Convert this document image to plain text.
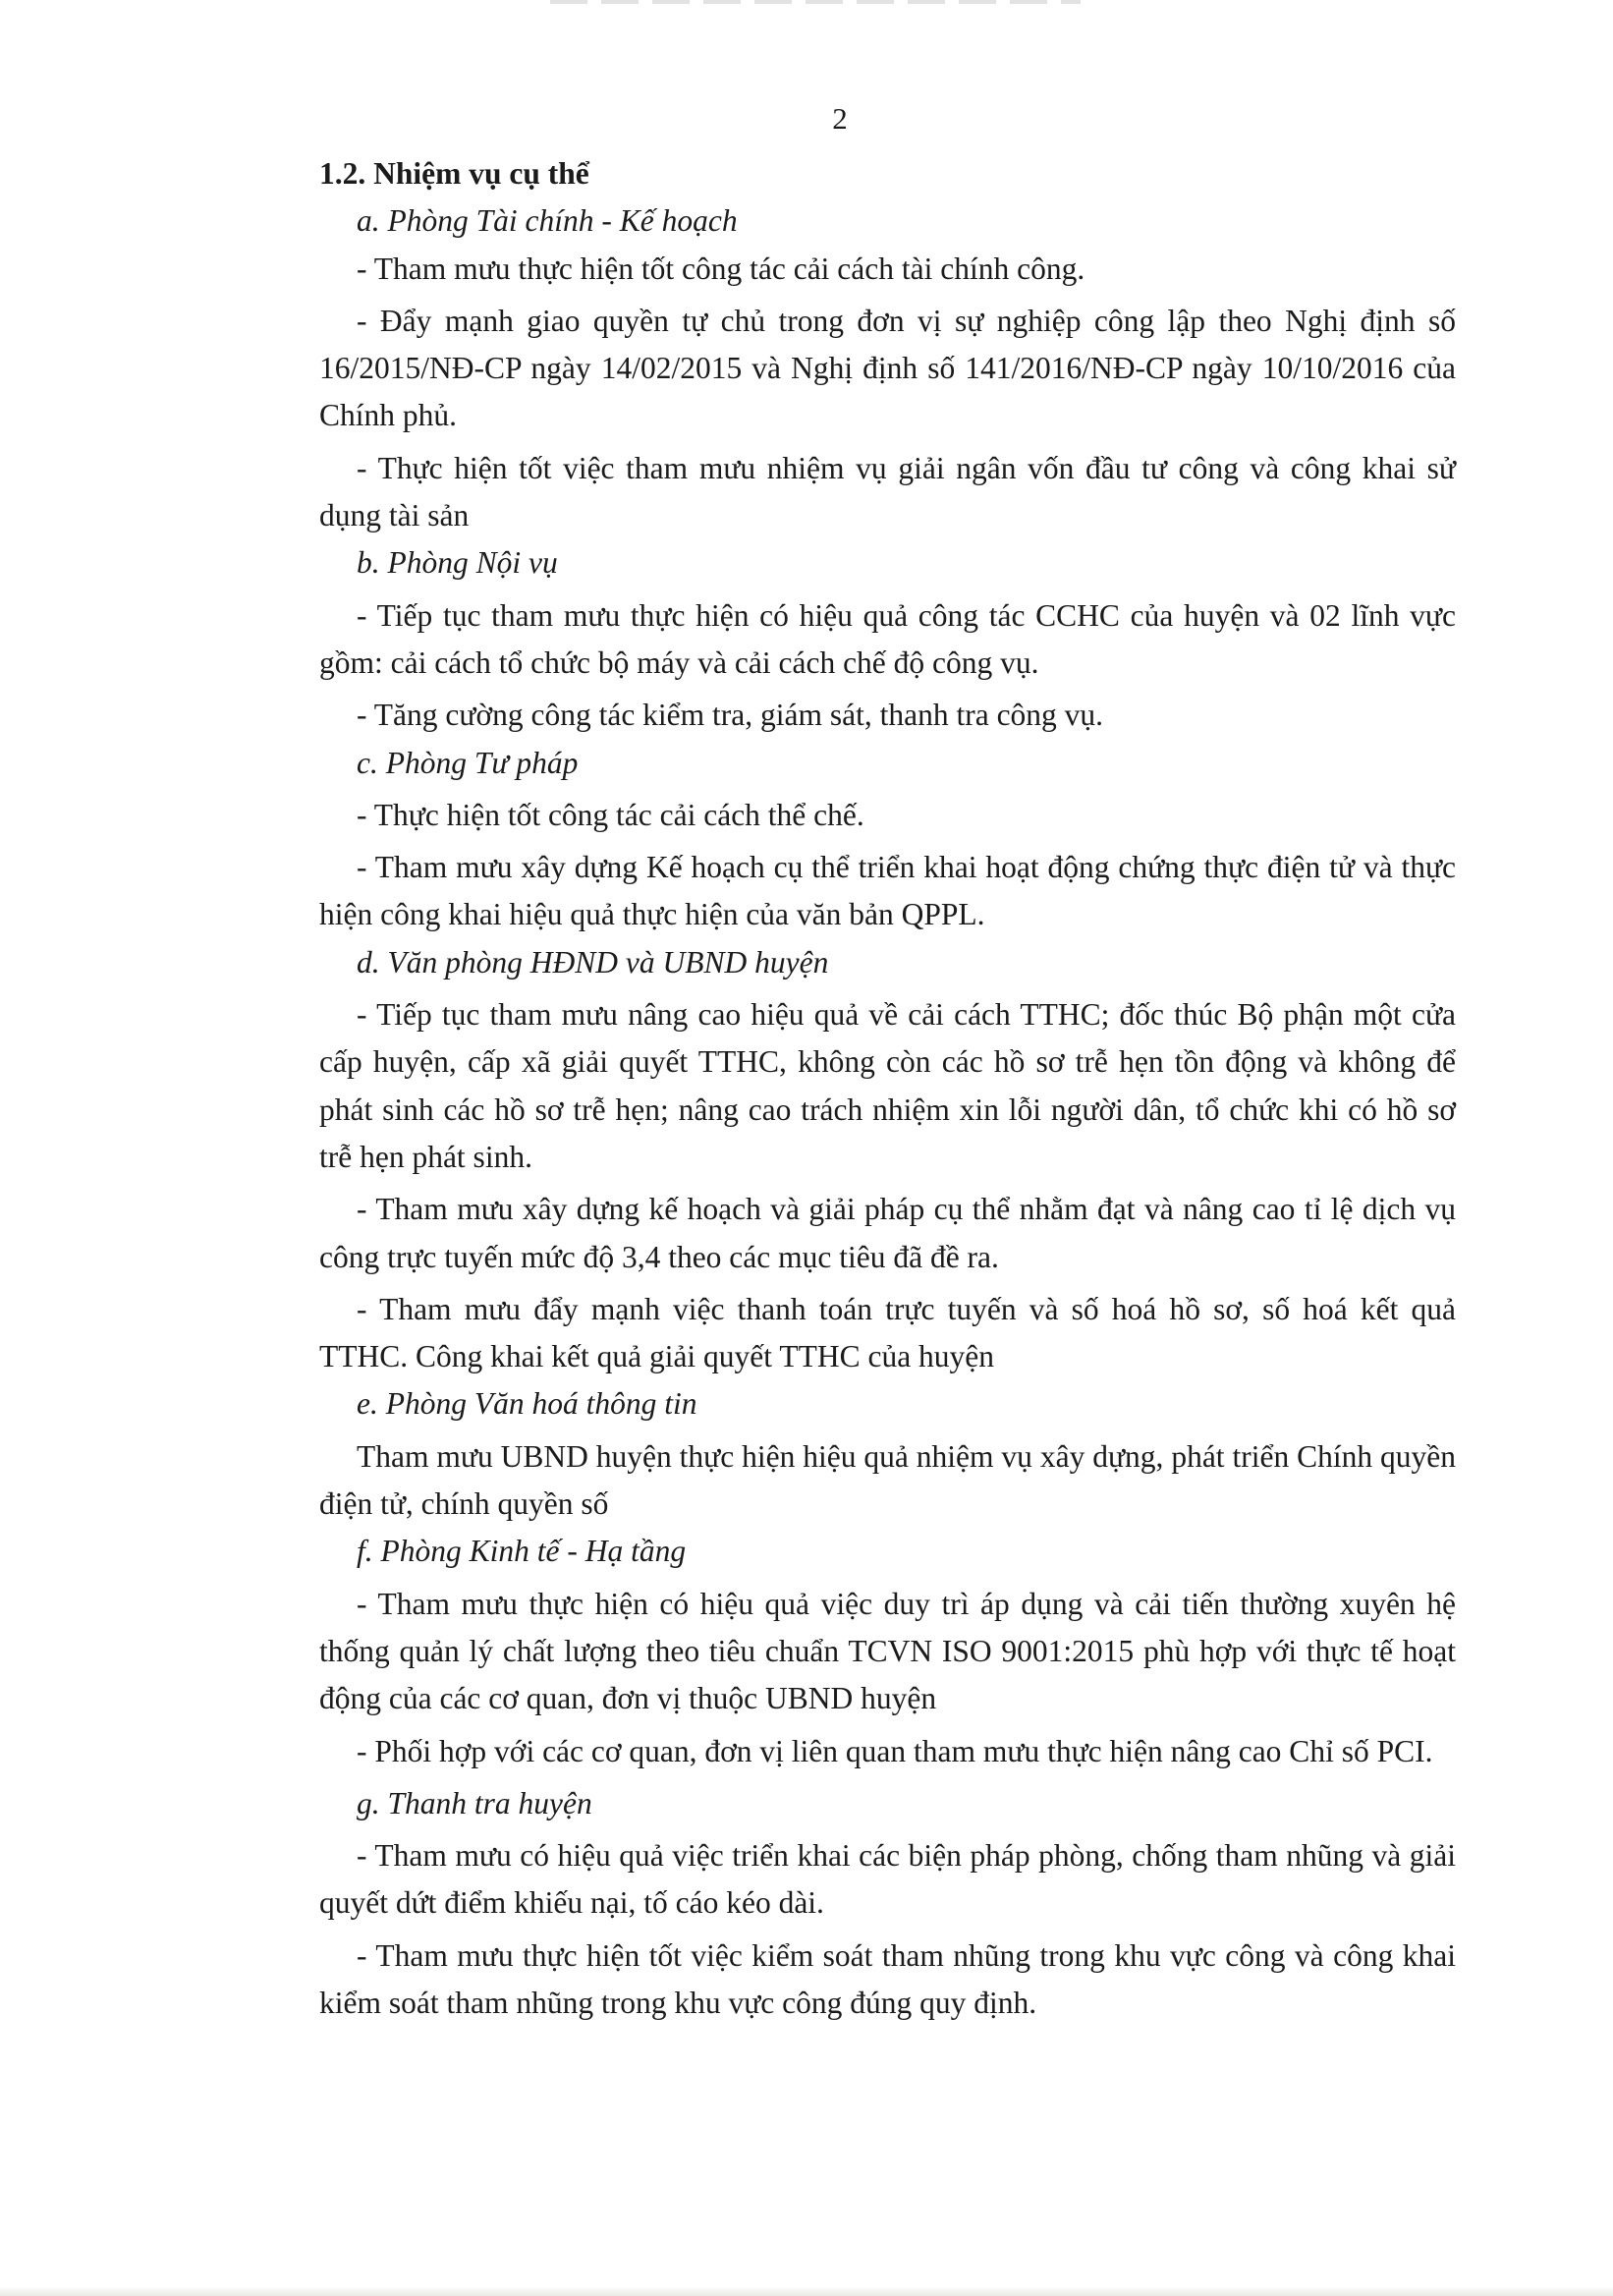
2

1.2. Nhiệm vụ cụ thể

a. Phòng Tài chính - Kế hoạch

- Tham mưu thực hiện tốt công tác cải cách tài chính công.

- Đẩy mạnh giao quyền tự chủ trong đơn vị sự nghiệp công lập theo Nghị định số 16/2015/NĐ-CP ngày 14/02/2015 và Nghị định số 141/2016/NĐ-CP ngày 10/10/2016 của Chính phủ.

- Thực hiện tốt việc tham mưu nhiệm vụ giải ngân vốn đầu tư công và công khai sử dụng tài sản

b. Phòng Nội vụ

- Tiếp tục tham mưu thực hiện có hiệu quả công tác CCHC của huyện và 02 lĩnh vực gồm: cải cách tổ chức bộ máy và cải cách chế độ công vụ.

- Tăng cường công tác kiểm tra, giám sát, thanh tra công vụ.

c. Phòng Tư pháp

- Thực hiện tốt công tác cải cách thể chế.

- Tham mưu xây dựng Kế hoạch cụ thể triển khai hoạt động chứng thực điện tử và thực hiện công khai hiệu quả thực hiện của văn bản QPPL.

d. Văn phòng HĐND và UBND huyện

- Tiếp tục tham mưu nâng cao hiệu quả về cải cách TTHC; đốc thúc Bộ phận một cửa cấp huyện, cấp xã giải quyết TTHC, không còn các hồ sơ trễ hẹn tồn động và không để phát sinh các hồ sơ trễ hẹn; nâng cao trách nhiệm xin lỗi người dân, tổ chức khi có hồ sơ trễ hẹn phát sinh.

- Tham mưu xây dựng kế hoạch và giải pháp cụ thể nhằm đạt và nâng cao tỉ lệ dịch vụ công trực tuyến mức độ 3,4 theo các mục tiêu đã đề ra.

- Tham mưu đẩy mạnh việc thanh toán trực tuyến và số hoá hồ sơ, số hoá kết quả TTHC. Công khai kết quả giải quyết TTHC của huyện

e. Phòng Văn hoá thông tin

Tham mưu UBND huyện thực hiện hiệu quả nhiệm vụ xây dựng, phát triển Chính quyền điện tử, chính quyền số

f. Phòng Kinh tế - Hạ tầng

- Tham mưu thực hiện có hiệu quả việc duy trì áp dụng và cải tiến thường xuyên hệ thống quản lý chất lượng theo tiêu chuẩn TCVN ISO 9001:2015 phù hợp với thực tế hoạt động của các cơ quan, đơn vị thuộc UBND huyện

- Phối hợp với các cơ quan, đơn vị liên quan tham mưu thực hiện nâng cao Chỉ số PCI.

g. Thanh tra huyện

- Tham mưu có hiệu quả việc triển khai các biện pháp phòng, chống tham nhũng và giải quyết dứt điểm khiếu nại, tố cáo kéo dài.

- Tham mưu thực hiện tốt việc kiểm soát tham nhũng trong khu vực công và công khai kiểm soát tham nhũng trong khu vực công đúng quy định.
